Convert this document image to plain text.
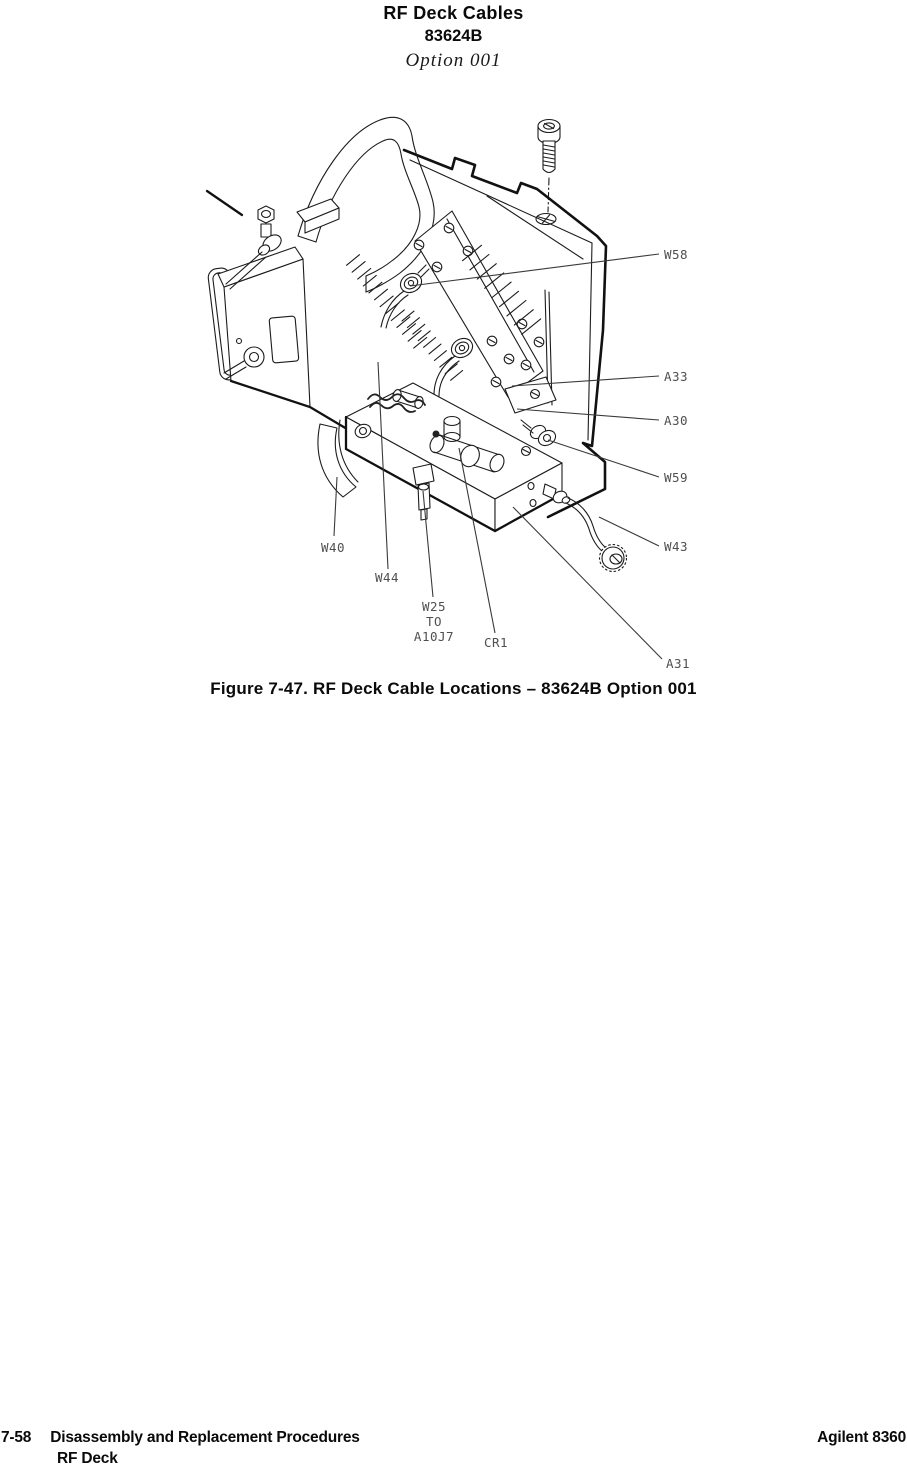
RF Deck Cables
83624B
Option 001
W58
A33
A30
W59
W43
A31
CR1
W25
TO
A10J7
W44
W40
Figure 7-47. RF Deck Cable Locations – 83624B Option 001
7-58 Disassembly and Replacement Procedures	Agilent 8360
RF Deck
